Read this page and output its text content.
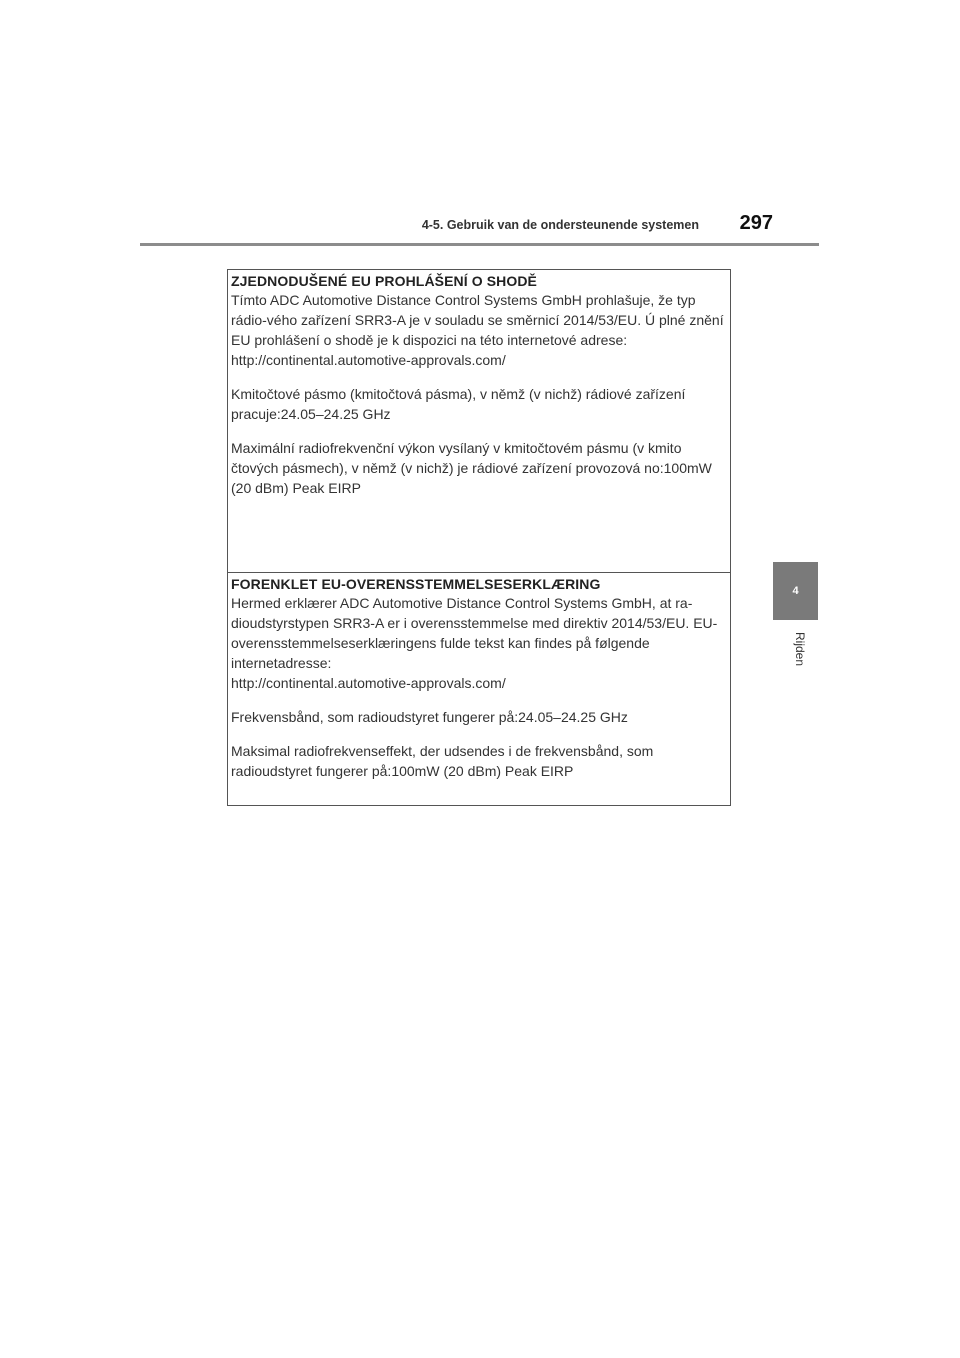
4-5. Gebruik van de ondersteunende systemen 297
4
Rijden

ZJEDNODUŠENÉ EU PROHLÁŠENÍ O SHODĚ

Tímto ADC Automotive Distance Control Systems GmbH prohlašuje, že typ rádio-vého zařízení SRR3-A je v souladu se směrnicí 2014/53/EU. Ú plné znění EU prohlášení o shodě je k dispozici na této internetové adrese:
http://continental.automotive-approvals.com/

Kmitočtové pásmo (kmitočtová pásma), v němž (v nichž) rádiové zařízení pracuje:24.05–24.25 GHz

Maximální radiofrekvenční výkon vysílaný v kmitočtovém pásmu (v kmito čtových pásmech), v němž (v nichž) je rádiové zařízení provozová no:100mW (20 dBm) Peak EIRP

FORENKLET EU-OVERENSSTEMMELSESERKLÆRING

Hermed erklærer ADC Automotive Distance Control Systems GmbH, at ra-dioudstyrstypen SRR3-A er i overensstemmelse med direktiv 2014/53/EU. EU-overensstemmelseserklæringens fulde tekst kan findes på følgende internetadresse:
http://continental.automotive-approvals.com/

Frekvensbånd, som radioudstyret fungerer på:24.05–24.25 GHz

Maksimal radiofrekvenseffekt, der udsendes i de frekvensbånd, som radioudstyret fungerer på:100mW (20 dBm) Peak EIRP
